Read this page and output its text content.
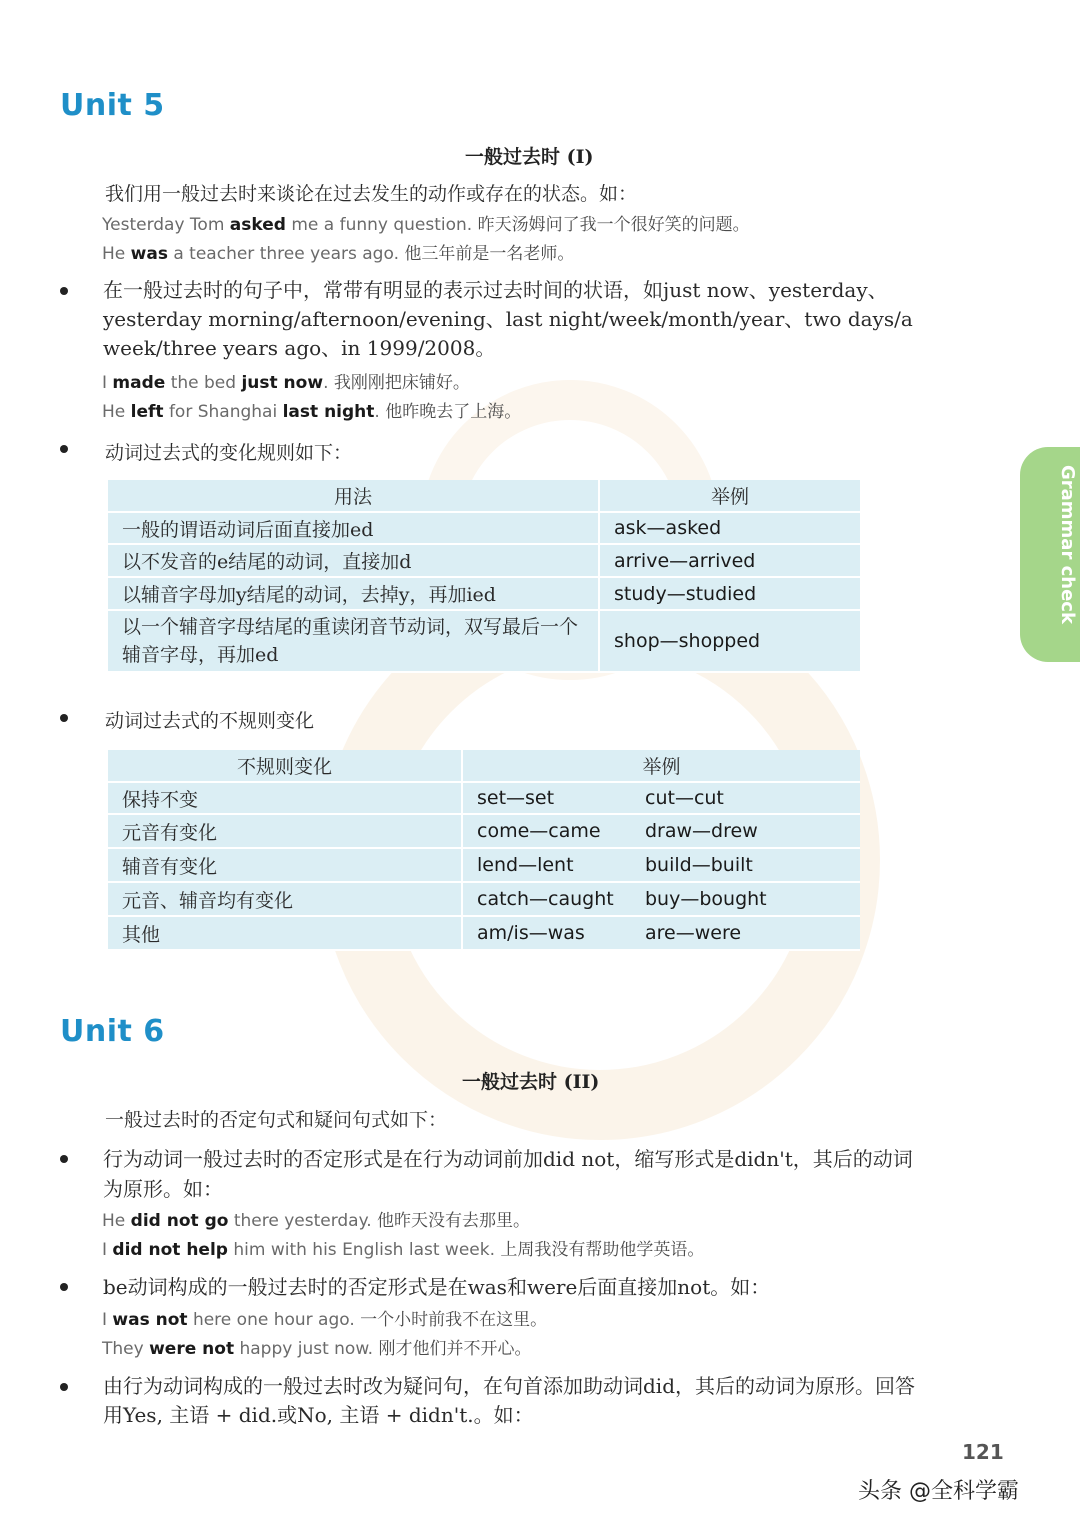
Grammar check
Unit 5
一般过去时 (I)
我们用一般过去时来谈论在过去发生的动作或存在的状态。如：
Yesterday Tom asked me a funny question. 昨天汤姆问了我一个很好笑的问题。
He was a teacher three years ago. 他三年前是一名老师。
在一般过去时的句子中，常带有明显的表示过去时间的状语，如just now、yesterday、
yesterday morning/afternoon/evening、last night/week/month/year、two days/a
week/three years ago、in 1999/2008。
I made the bed just now. 我刚刚把床铺好。
He left for Shanghai last night. 他昨晚去了上海。
动词过去式的变化规则如下：
用法	举例
一般的谓语动词后面直接加ed	ask—asked
以不发音的e结尾的动词，直接加d	arrive—arrived
以辅音字母加y结尾的动词，去掉y，再加ied	study—studied
以一个辅音字母结尾的重读闭音节动词，双写最后一个辅音字母，再加ed	shop—shopped
动词过去式的不规则变化
不规则变化	举例	
保持不变	set—set	cut—cut
元音有变化	come—came	draw—drew
辅音有变化	lend—lent	build—built
元音、辅音均有变化	catch—caught	buy—bought
其他	am/is—was	are—were
Unit 6
一般过去时 (II)
一般过去时的否定句式和疑问句式如下：
行为动词一般过去时的否定形式是在行为动词前加did not，缩写形式是didn't，其后的动词
为原形。如：
He did not go there yesterday. 他昨天没有去那里。
I did not help him with his English last week. 上周我没有帮助他学英语。
be动词构成的一般过去时的否定形式是在was和were后面直接加not。如：
I was not here one hour ago. 一个小时前我不在这里。
They were not happy just now. 刚才他们并不开心。
由行为动词构成的一般过去时改为疑问句，在句首添加助动词did，其后的动词为原形。回答
用Yes, 主语 + did.或No, 主语 + didn't.。如：
121
头条 @全科学霸
